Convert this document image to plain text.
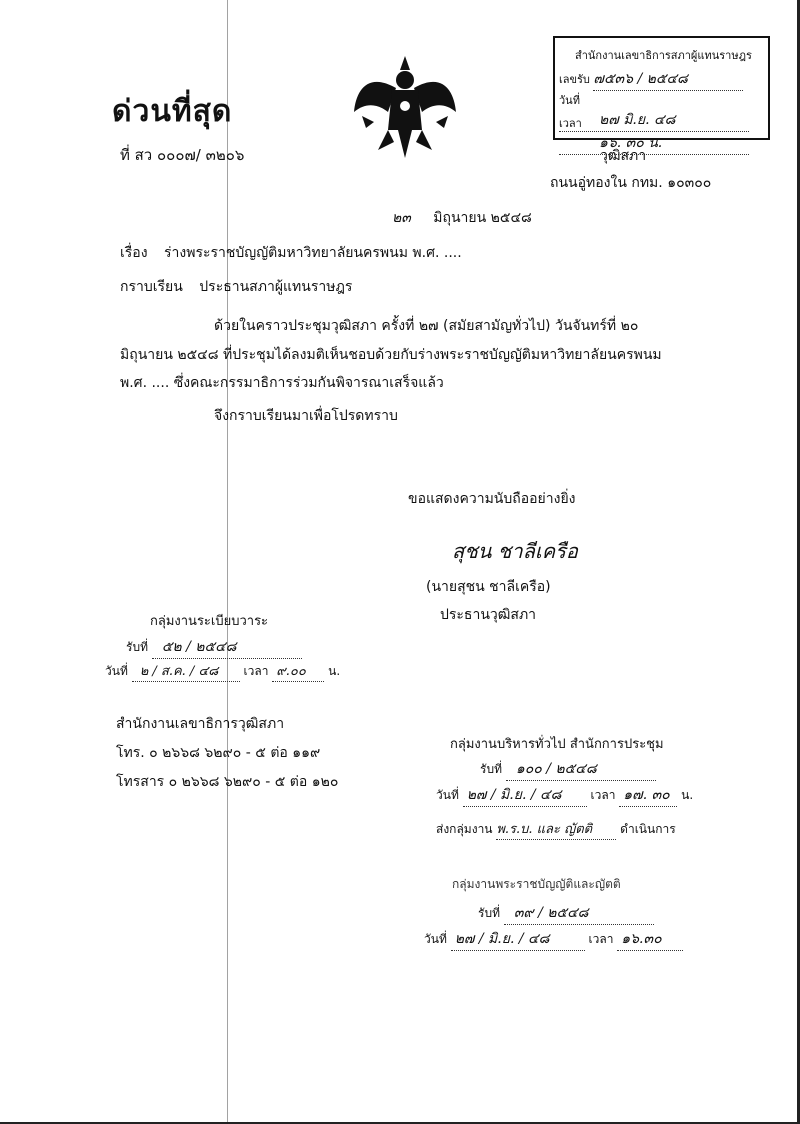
ด่วนที่สุด
ที่ สว ๐๐๐๗/ ๓๒๐๖
สำนักงานเลขาธิการสภาผู้แทนราษฎร
เลขรับ ๗๕๓๖ / ๒๕๔๘
วันที่ ๒๗ มิ.ย. ๔๘
เวลา ๑๖. ๓๐ น.
วุฒิสภา
ถนนอู่ทองใน กทม. ๑๐๓๐๐
๒๓ มิถุนายน ๒๕๔๘
เรื่อง ร่างพระราชบัญญัติมหาวิทยาลัยนครพนม พ.ศ. ....
กราบเรียน ประธานสภาผู้แทนราษฎร
ด้วยในคราวประชุมวุฒิสภา ครั้งที่ ๒๗ (สมัยสามัญทั่วไป) วันจันทร์ที่ ๒๐
มิถุนายน ๒๕๔๘ ที่ประชุมได้ลงมติเห็นชอบด้วยกับร่างพระราชบัญญัติมหาวิทยาลัยนครพนม
พ.ศ. .... ซึ่งคณะกรรมาธิการร่วมกันพิจารณาเสร็จแล้ว
จึงกราบเรียนมาเพื่อโปรดทราบ
ขอแสดงความนับถืออย่างยิ่ง
สุชน ชาลีเครือ
(นายสุชน ชาลีเครือ)
ประธานวุฒิสภา
กลุ่มงานระเบียบวาระ
รับที่ ๕๒ / ๒๕๔๘
วันที่ ๒ / ส.ค. / ๔๘ เวลา ๙.๐๐ น.
สำนักงานเลขาธิการวุฒิสภา
โทร. ๐ ๒๖๖๘ ๖๒๙๐ - ๕ ต่อ ๑๑๙
โทรสาร ๐ ๒๖๖๘ ๖๒๙๐ - ๕ ต่อ ๑๒๐
กลุ่มงานบริหารทั่วไป สำนักการประชุม
รับที่ ๑๐๐ / ๒๕๔๘
วันที่ ๒๗ / มิ.ย. / ๔๘ เวลา ๑๗. ๓๐ น.
ส่งกลุ่มงาน พ.ร.บ. และ ญัตติ ดำเนินการ
กลุ่มงานพระราชบัญญัติและญัตติ
รับที่ ๓๙ / ๒๕๔๘
วันที่ ๒๗ / มิ.ย. / ๔๘	เวลา ๑๖.๓๐
